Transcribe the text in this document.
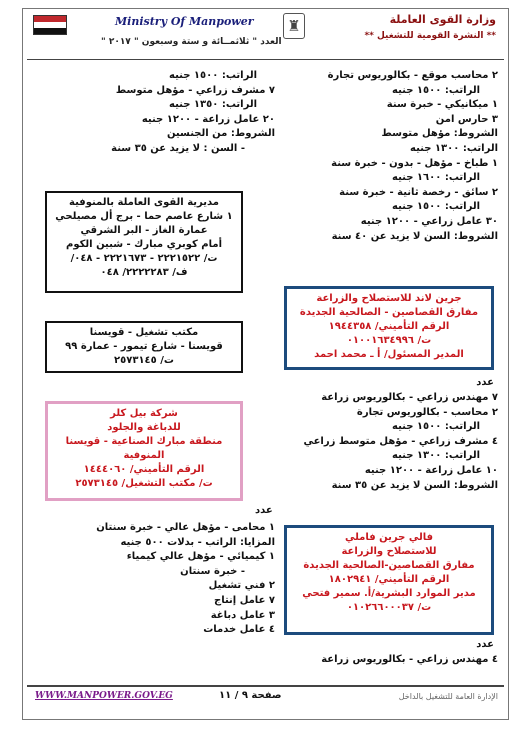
Ministry Of Manpower
العدد " ثلاثمــائة و ستة وسبعون " ٢٠١٧ "
♜	وزارة القوى العاملة
** النشرة القومية للتشغيل **
٢ محاسب موقع - بكالوريوس تجارة
الراتب: ١٥٠٠ جنيه
١ ميكانيكي - خبرة سنة
٣ حارس امن
الشروط: مؤهل متوسط
الراتب: ١٣٠٠ جنيه
١ طباخ - مؤهل - بدون - خبرة سنة
الراتب: ١٦٠٠ جنيه
٢ سائق - رخصة ثانية - خبرة سنة
الراتب: ١٥٠٠ جنيه
٣٠ عامل زراعي - ١٢٠٠ جنيه
الشروط: السن لا يزيد عن ٤٠ سنة
الراتب: ١٥٠٠ جنيه
٧ مشرف زراعي - مؤهل متوسط
الراتب: ١٣٥٠ جنيه
٢٠ عامل زراعة - ١٢٠٠ جنيه
الشروط: من الجنسين
- السن : لا يزيد عن ٣٥ سنة
مديرية القوى العاملة بالمنوفية
١ شارع عاصم حما - برج أل مصيلحي
عمارة الغاز - البر الشرقي
أمام كوبري مبارك - شبين الكوم
ت/ ٢٢٢١٥٢٢ - ٢٢٢١٦٧٣ - ٠٤٨/
ف/ ٢٢٢٢٢٨٣/ ٠٤٨
جرين لاند للاستصلاح والزراعة
مفارق القصاصين - الصالحية الجديدة
الرقم التأميني/ ١٩٤٤٣٥٨
ت/ ٠١٠٠١٦٣٤٩٩٦
المدير المسئول/ أ ـ محمد احمد
مكتب تشغيل - قويسنا
قويسنا - شارع تيمور - عمارة ٩٩
ت/ ٢٥٧٣١٤٥
عدد
٧ مهندس زراعي - بكالوريوس زراعة
٢ محاسب - بكالوريوس تجارة
الراتب: ١٥٠٠ جنيه
٤ مشرف زراعي - مؤهل متوسط زراعي
الراتب: ١٣٠٠ جنيه
١٠ عامل زراعة - ١٢٠٠ جنيه
الشروط: السن لا يزيد عن ٣٥ سنة
شركة بيل كلر
للدباغة والجلود
منطقة مبارك الصناعية - قويسنا
المنوفية
الرقم التأميني/ ١٤٤٤٠٦٠
ت/ مكتب التشغيل/ ٢٥٧٣١٤٥
عدد
١ محامى - مؤهل عالي - خبرة سنتان
المزايا: الراتب - بدلات ٥٠٠ جنيه
١ كيميائي - مؤهل عالي كيمياء
- خبرة سنتان
٢ فني تشغيل
٧ عامل إنتاج
٣ عامل دباغة
٤ عامل خدمات
فالي جرين فاملي
للاستصلاح والزراعة
مفارق القصاصين-الصالحية الجديدة
الرقم التأميني/ ١٨٠٢٩٤١
مدير الموارد البشرية/أ. سمير فتحي
ت/ ٠١٠٢٦٦٠٠٠٣٧
عدد
٤ مهندس زراعي - بكالوريوس زراعة
WWW.MANPOWER.GOV.EG	صفحة ٩ / ١١	الإدارة العامة للتشغيل بالداخل
